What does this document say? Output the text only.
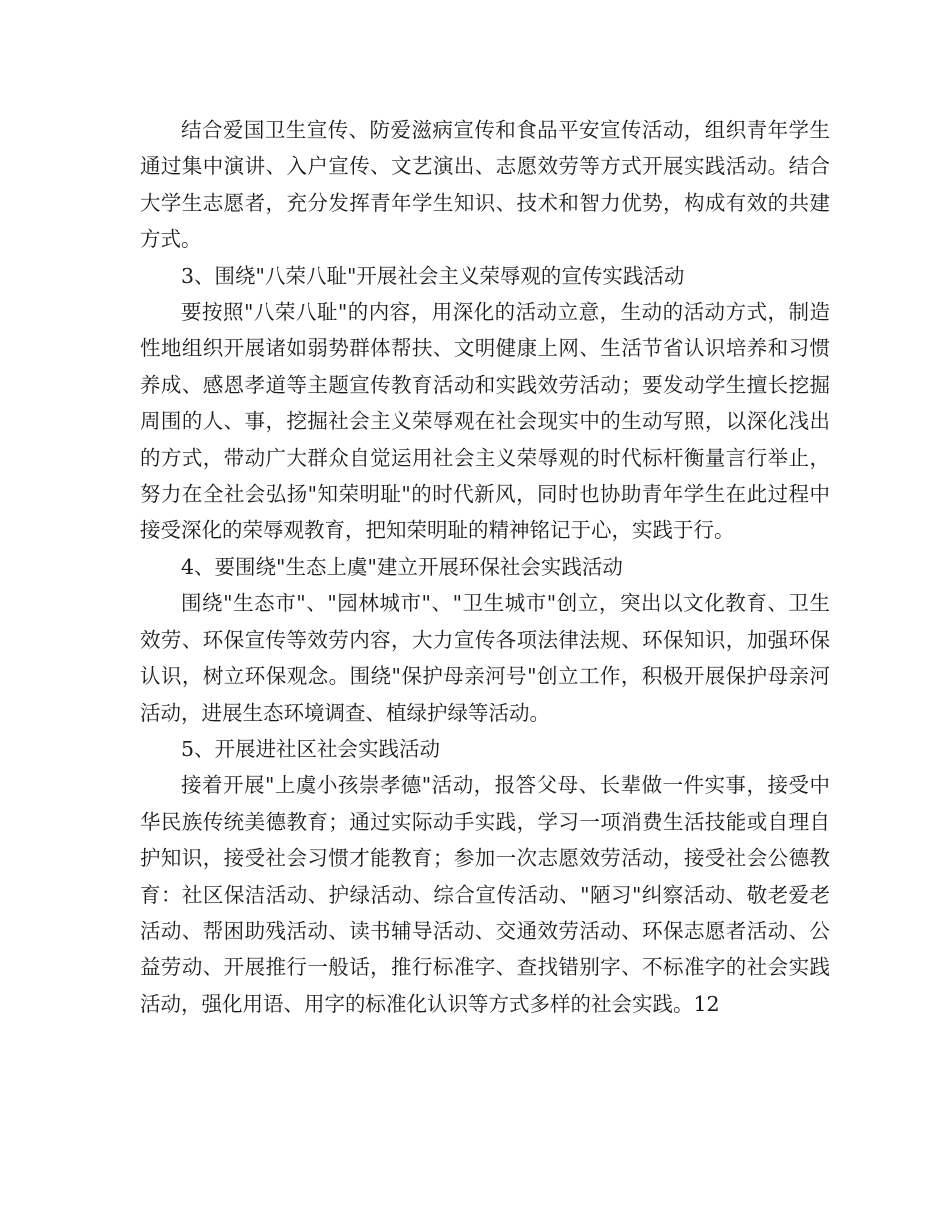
结合爱国卫生宣传、防爱滋病宣传和食品平安宣传活动，组织青年学生通过集中演讲、入户宣传、文艺演出、志愿效劳等方式开展实践活动。结合大学生志愿者，充分发挥青年学生知识、技术和智力优势，构成有效的共建方式。

3、围绕"八荣八耻"开展社会主义荣辱观的宣传实践活动

要按照"八荣八耻"的内容，用深化的活动立意，生动的活动方式，制造性地组织开展诸如弱势群体帮扶、文明健康上网、生活节省认识培养和习惯养成、感恩孝道等主题宣传教育活动和实践效劳活动；要发动学生擅长挖掘周围的人、事，挖掘社会主义荣辱观在社会现实中的生动写照，以深化浅出的方式，带动广大群众自觉运用社会主义荣辱观的时代标杆衡量言行举止，努力在全社会弘扬"知荣明耻"的时代新风，同时也协助青年学生在此过程中接受深化的荣辱观教育，把知荣明耻的精神铭记于心，实践于行。

4、要围绕"生态上虞"建立开展环保社会实践活动

围绕"生态市"、"园林城市"、"卫生城市"创立，突出以文化教育、卫生效劳、环保宣传等效劳内容，大力宣传各项法律法规、环保知识，加强环保认识，树立环保观念。围绕"保护母亲河号"创立工作，积极开展保护母亲河活动，进展生态环境调查、植绿护绿等活动。

5、开展进社区社会实践活动

接着开展"上虞小孩崇孝德"活动，报答父母、长辈做一件实事，接受中华民族传统美德教育；通过实际动手实践，学习一项消费生活技能或自理自护知识，接受社会习惯才能教育；参加一次志愿效劳活动，接受社会公德教育：社区保洁活动、护绿活动、综合宣传活动、"陋习"纠察活动、敬老爱老活动、帮困助残活动、读书辅导活动、交通效劳活动、环保志愿者活动、公益劳动、开展推行一般话，推行标准字、查找错别字、不标准字的社会实践活动，强化用语、用字的标准化认识等方式多样的社会实践。12
